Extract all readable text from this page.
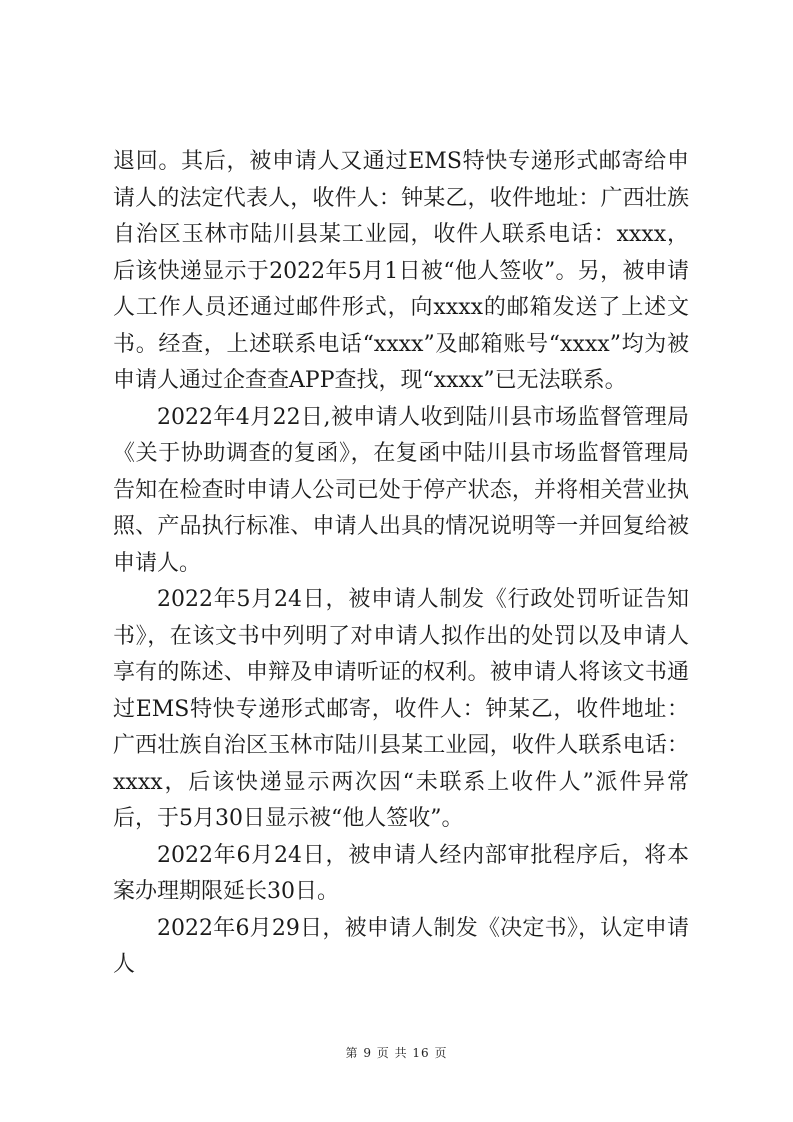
退回。其后，被申请人又通过EMS特快专递形式邮寄给申请人的法定代表人，收件人：钟某乙，收件地址：广西壮族自治区玉林市陆川县某工业园，收件人联系电话：xxxx，后该快递显示于2022年5月1日被“他人签收”。另，被申请人工作人员还通过邮件形式，向xxxx的邮箱发送了上述文书。经查，上述联系电话“xxxx”及邮箱账号“xxxx”均为被申请人通过企查查APP查找，现“xxxx”已无法联系。

2022年4月22日,被申请人收到陆川县市场监督管理局《关于协助调查的复函》，在复函中陆川县市场监督管理局告知在检查时申请人公司已处于停产状态，并将相关营业执照、产品执行标准、申请人出具的情况说明等一并回复给被申请人。

2022年5月24日，被申请人制发《行政处罚听证告知书》，在该文书中列明了对申请人拟作出的处罚以及申请人享有的陈述、申辩及申请听证的权利。被申请人将该文书通过EMS特快专递形式邮寄，收件人：钟某乙，收件地址：广西壮族自治区玉林市陆川县某工业园，收件人联系电话：xxxx，后该快递显示两次因“未联系上收件人”派件异常后，于5月30日显示被“他人签收”。

2022年6月24日，被申请人经内部审批程序后，将本案办理期限延长30日。

2022年6月29日，被申请人制发《决定书》，认定申请人

第 9 页 共 16 页
